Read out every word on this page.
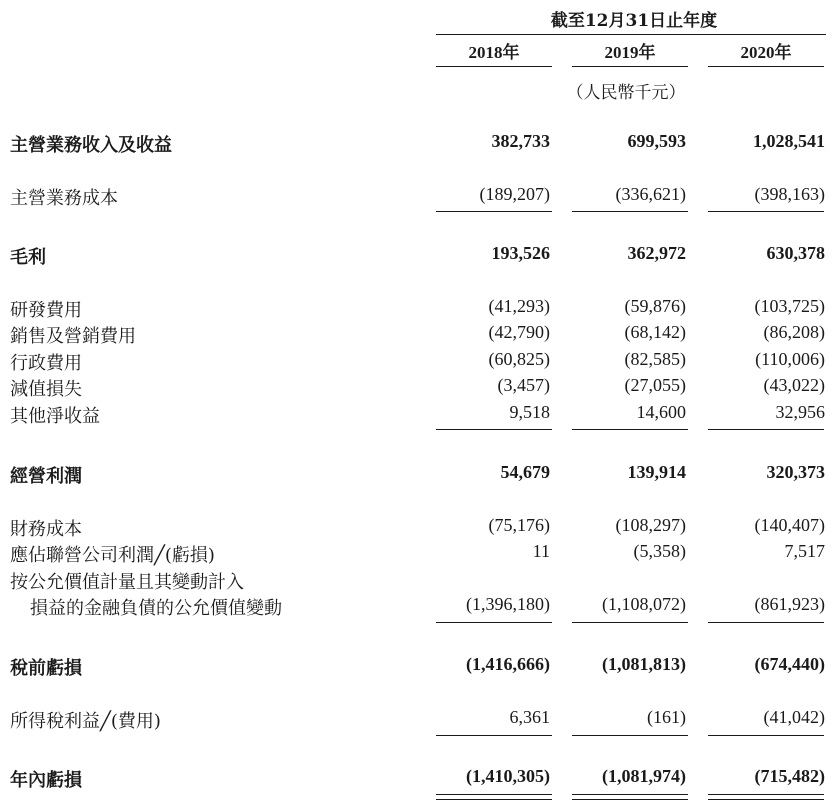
截至12月31日止年度
2018年	2019年	2020年
（人民幣千元）
主營業務收入及收益	382,733	699,593	1,028,541
主營業務成本	(189,207)	(336,621)	(398,163)
毛利	193,526	362,972	630,378
研發費用	(41,293)	(59,876)	(103,725)
銷售及營銷費用	(42,790)	(68,142)	(86,208)
行政費用	(60,825)	(82,585)	(110,006)
減值損失	(3,457)	(27,055)	(43,022)
其他淨收益	9,518	14,600	32,956
經營利潤	54,679	139,914	320,373
財務成本	(75,176)	(108,297)	(140,407)
應佔聯營公司利潤╱(虧損)	11	(5,358)	7,517
按公允價值計量且其變動計入
損益的金融負債的公允價值變動	(1,396,180)	(1,108,072)	(861,923)
稅前虧損	(1,416,666)	(1,081,813)	(674,440)
所得稅利益╱(費用)	6,361	(161)	(41,042)
年內虧損	(1,410,305)	(1,081,974)	(715,482)
